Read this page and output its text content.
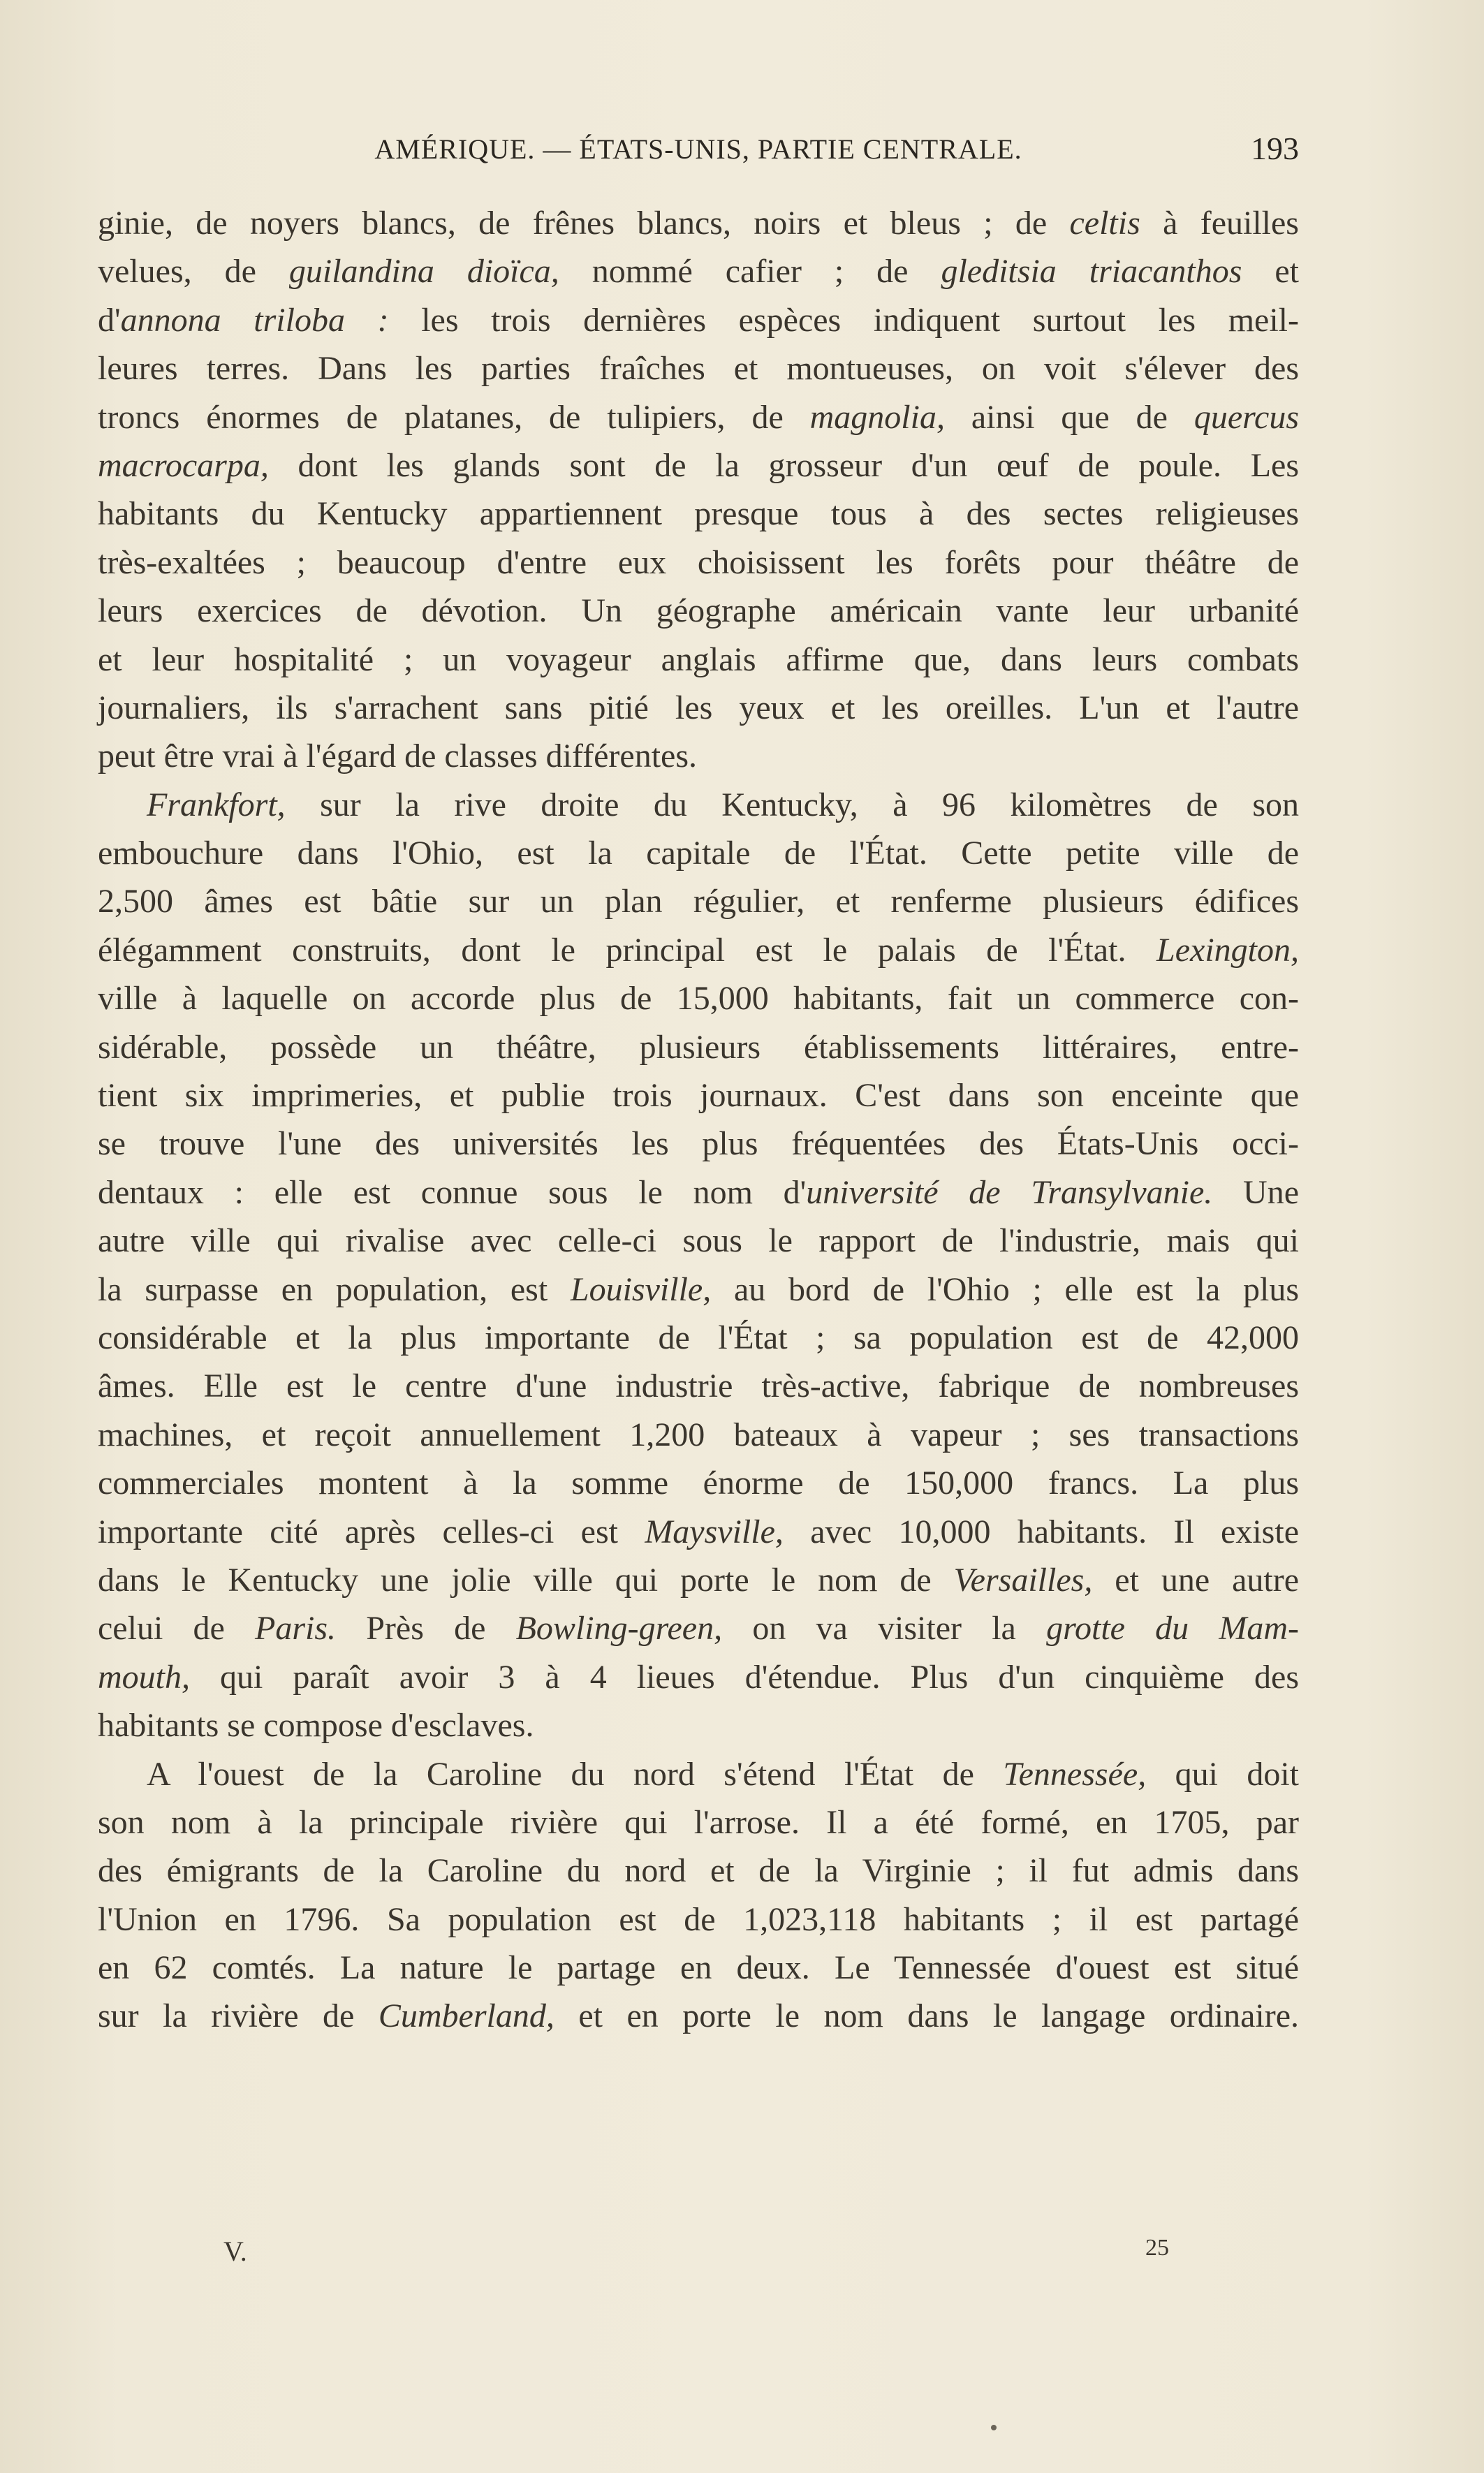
AMÉRIQUE. — ÉTATS-UNIS, PARTIE CENTRALE.	193
ginie, de noyers blancs, de frênes blancs, noirs et bleus ; de celtis à feuilles
velues, de guilandina dioïca, nommé cafier ; de gleditsia triacanthos et
d'annona triloba : les trois dernières espèces indiquent surtout les meil-
leures terres. Dans les parties fraîches et montueuses, on voit s'élever des
troncs énormes de platanes, de tulipiers, de magnolia, ainsi que de quercus
macrocarpa, dont les glands sont de la grosseur d'un œuf de poule. Les
habitants du Kentucky appartiennent presque tous à des sectes religieuses
très-exaltées ; beaucoup d'entre eux choisissent les forêts pour théâtre de
leurs exercices de dévotion. Un géographe américain vante leur urbanité
et leur hospitalité ; un voyageur anglais affirme que, dans leurs combats
journaliers, ils s'arrachent sans pitié les yeux et les oreilles. L'un et l'autre
peut être vrai à l'égard de classes différentes.
Frankfort, sur la rive droite du Kentucky, à 96 kilomètres de son
embouchure dans l'Ohio, est la capitale de l'État. Cette petite ville de
2,500 âmes est bâtie sur un plan régulier, et renferme plusieurs édifices
élégamment construits, dont le principal est le palais de l'État. Lexington,
ville à laquelle on accorde plus de 15,000 habitants, fait un commerce con-
sidérable, possède un théâtre, plusieurs établissements littéraires, entre-
tient six imprimeries, et publie trois journaux. C'est dans son enceinte que
se trouve l'une des universités les plus fréquentées des États-Unis occi-
dentaux : elle est connue sous le nom d'université de Transylvanie. Une
autre ville qui rivalise avec celle-ci sous le rapport de l'industrie, mais qui
la surpasse en population, est Louisville, au bord de l'Ohio ; elle est la plus
considérable et la plus importante de l'État ; sa population est de 42,000
âmes. Elle est le centre d'une industrie très-active, fabrique de nombreuses
machines, et reçoit annuellement 1,200 bateaux à vapeur ; ses transactions
commerciales montent à la somme énorme de 150,000 francs. La plus
importante cité après celles-ci est Maysville, avec 10,000 habitants. Il existe
dans le Kentucky une jolie ville qui porte le nom de Versailles, et une autre
celui de Paris. Près de Bowling-green, on va visiter la grotte du Mam-
mouth, qui paraît avoir 3 à 4 lieues d'étendue. Plus d'un cinquième des
habitants se compose d'esclaves.
A l'ouest de la Caroline du nord s'étend l'État de Tennessée, qui doit
son nom à la principale rivière qui l'arrose. Il a été formé, en 1705, par
des émigrants de la Caroline du nord et de la Virginie ; il fut admis dans
l'Union en 1796. Sa population est de 1,023,118 habitants ; il est partagé
en 62 comtés. La nature le partage en deux. Le Tennessée d'ouest est situé
sur la rivière de Cumberland, et en porte le nom dans le langage ordinaire.
V.	25
